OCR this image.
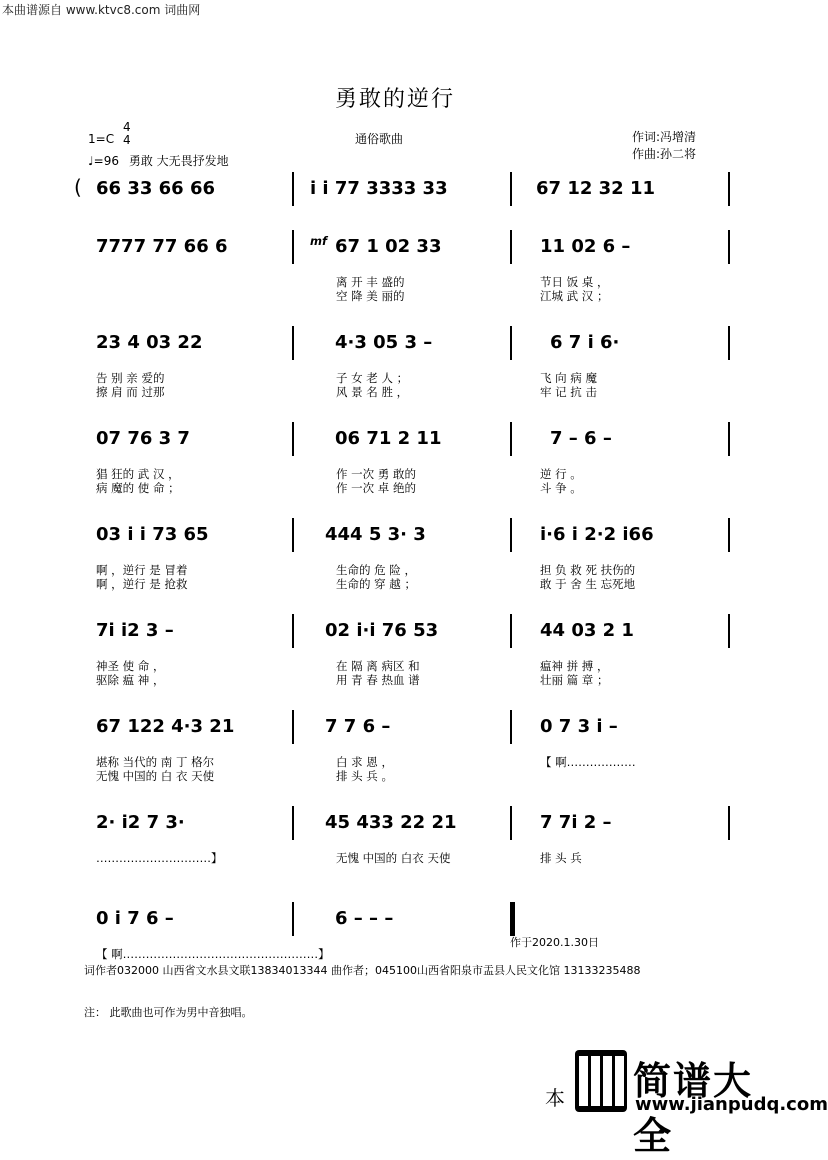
本曲谱源自 www.ktvc8.com 词曲网
勇敢的逆行
1=C
4
4
♩=96 勇敢 大无畏抒发地
通俗歌曲	作词:冯增清
作曲:孙二将
66 33 66 66	i i 77 3333 33	67 12 32 11
7777 77 66 6	67 1 02 33	11 02 6 –
离 开 丰 盛的	节日 饭 桌 ，
空 降 美 丽的	江城 武 汉 ；
23 4 03 22	4·3 05 3 –	6 7 i 6·
告 别 亲 爱的	子 女 老 人 ；	飞 向 病 魔
擦 肩 而 过那	风 景 名 胜 ，	牢 记 抗 击
07 76 3 7	06 71 2 11	7 – 6 –
猖 狂的 武 汉 ，	作 一次 勇 敢的	逆 行 。
病 魔的 使 命 ；	作 一次 卓 绝的	斗 争 。
03 i i 73 65	444 5 3· 3	i·6 i 2·2 i66
啊 ，逆行 是 冒着	生命的 危 险 ，	担 负 救 死 扶伤的
啊 ，逆行 是 抢救	生命的 穿 越 ；	敢 于 舍 生 忘死地
7i i2 3 –	02 i·i 76 53	44 03 2 1
神圣 使 命 ，	在 隔 离 病区 和	瘟神 拼 搏 ，
驱除 瘟 神 ，	用 青 春 热血 谱	壮丽 篇 章 ；
67 122 4·3 21	7 7 6 –	0 7 3 i –
堪称 当代的 南 丁 格尔	白 求 恩 ，	【 啊………………
无愧 中国的 白 衣 天使	排 头 兵 。
2· i2 7 3·	45 433 22 21	7 7i 2 –
…………………………】	无愧 中国的 白衣 天使	排 头 兵
0 i 7 6 –	6 – – –
【 啊……………………………………………】
(
mf
作于2020.1.30日
词作者032000 山西省文水县文联13834013344 曲作者；045100山西省阳泉市盂县人民文化馆 13133235488
注： 此歌曲也可作为男中音独唱。
本 简谱大全
www.jianpudq.com
